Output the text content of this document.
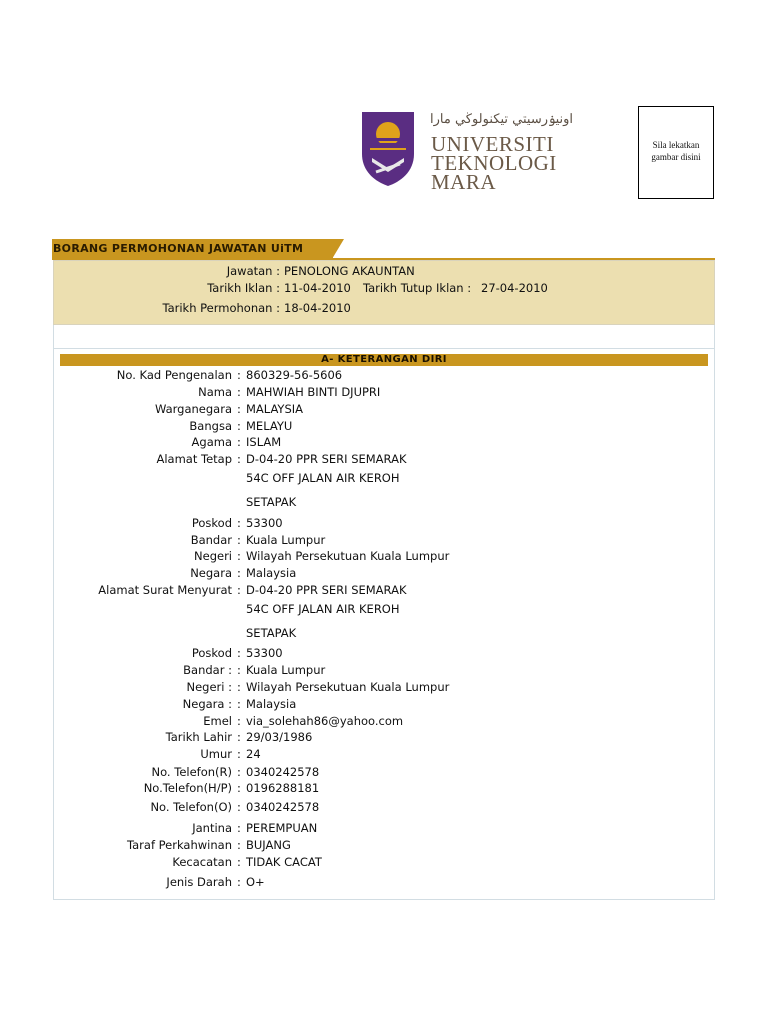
اونيۏرسيتي تيكنولوڬي مارا
UNIVERSITI
TEKNOLOGI
MARA
Sila lekatkan gambar disini
BORANG PERMOHONAN JAWATAN UiTM
Jawatan : PENOLONG AKAUNTAN
Tarikh Iklan : 11-04-2010 Tarikh Tutup Iklan : 27-04-2010
Tarikh Permohonan : 18-04-2010
A- KETERANGAN DIRI
No. Kad Pengenalan : 860329-56-5606
Nama : MAHWIAH BINTI DJUPRI
Warganegara : MALAYSIA
Bangsa : MELAYU
Agama : ISLAM
Alamat Tetap : D-04-20 PPR SERI SEMARAK
54C OFF JALAN AIR KEROH
SETAPAK
Poskod : 53300
Bandar : Kuala Lumpur
Negeri : Wilayah Persekutuan Kuala Lumpur
Negara : Malaysia
Alamat Surat Menyurat : D-04-20 PPR SERI SEMARAK
54C OFF JALAN AIR KEROH
SETAPAK
Poskod : 53300
Bandar : : Kuala Lumpur
Negeri : : Wilayah Persekutuan Kuala Lumpur
Negara : : Malaysia
Emel : via_solehah86@yahoo.com
Tarikh Lahir : 29/03/1986
Umur : 24
No. Telefon(R) : 0340242578
No.Telefon(H/P) : 0196288181
No. Telefon(O) : 0340242578
Jantina : PEREMPUAN
Taraf Perkahwinan : BUJANG
Kecacatan : TIDAK CACAT
Jenis Darah : O+
